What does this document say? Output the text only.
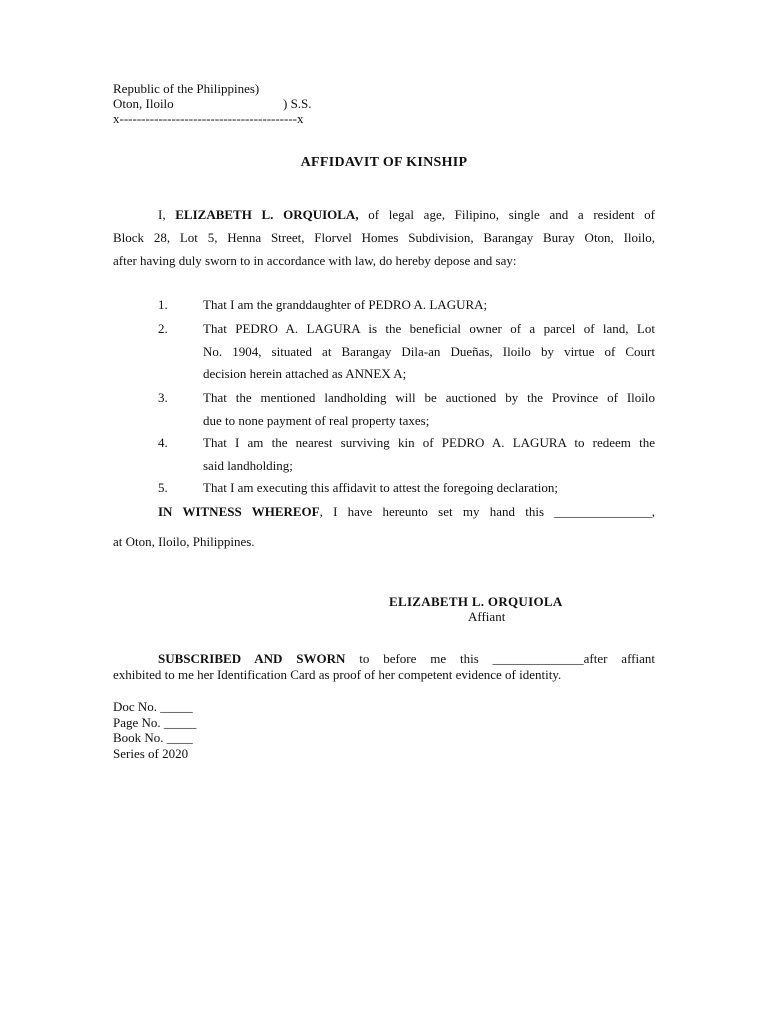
Republic of the Philippines)
Oton, Iloilo	) S.S.
x-----------------------------------------x
AFFIDAVIT OF KINSHIP
I, ELIZABETH L. ORQUIOLA, of legal age, Filipino, single and a resident of
Block 28, Lot 5, Henna Street, Florvel Homes Subdivision, Barangay Buray Oton, Iloilo,
after having duly sworn to in accordance with law, do hereby depose and say:
1.	That I am the granddaughter of PEDRO A. LAGURA;
2.	That PEDRO A. LAGURA is the beneficial owner of a parcel of land, Lot
No. 1904, situated at Barangay Dila-an Dueñas, Iloilo by virtue of Court
decision herein attached as ANNEX A;
3.	That the mentioned landholding will be auctioned by the Province of Iloilo
due to none payment of real property taxes;
4.	That I am the nearest surviving kin of PEDRO A. LAGURA to redeem the
said landholding;
5.	That I am executing this affidavit to attest the foregoing declaration;
IN WITNESS WHEREOF, I have hereunto set my hand this _______________,
at Oton, Iloilo, Philippines.
ELIZABETH L. ORQUIOLA
Affiant
SUBSCRIBED AND SWORN to before me this ______________after affiant
exhibited to me her Identification Card as proof of her competent evidence of identity.
Doc No. _____
Page No. _____
Book No. ____
Series of 2020
